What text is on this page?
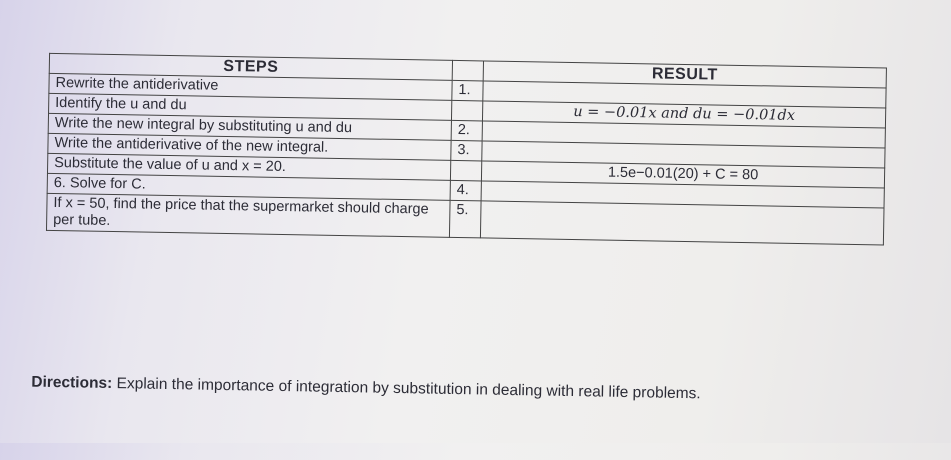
STEPS		RESULT
Rewrite the antiderivative	1.	
Identify the u and du		u = −0.01x and du = −0.01dx
Write the new integral by substituting u and du	2.	
Write the antiderivative of the new integral.	3.	
Substitute the value of u and x = 20.		1.5e−0.01(20) + C = 80
6. Solve for C.	4.	
If x = 50, find the price that the supermarket should charge per tube.	5.	
Directions: Explain the importance of integration by substitution in dealing with real life problems.
